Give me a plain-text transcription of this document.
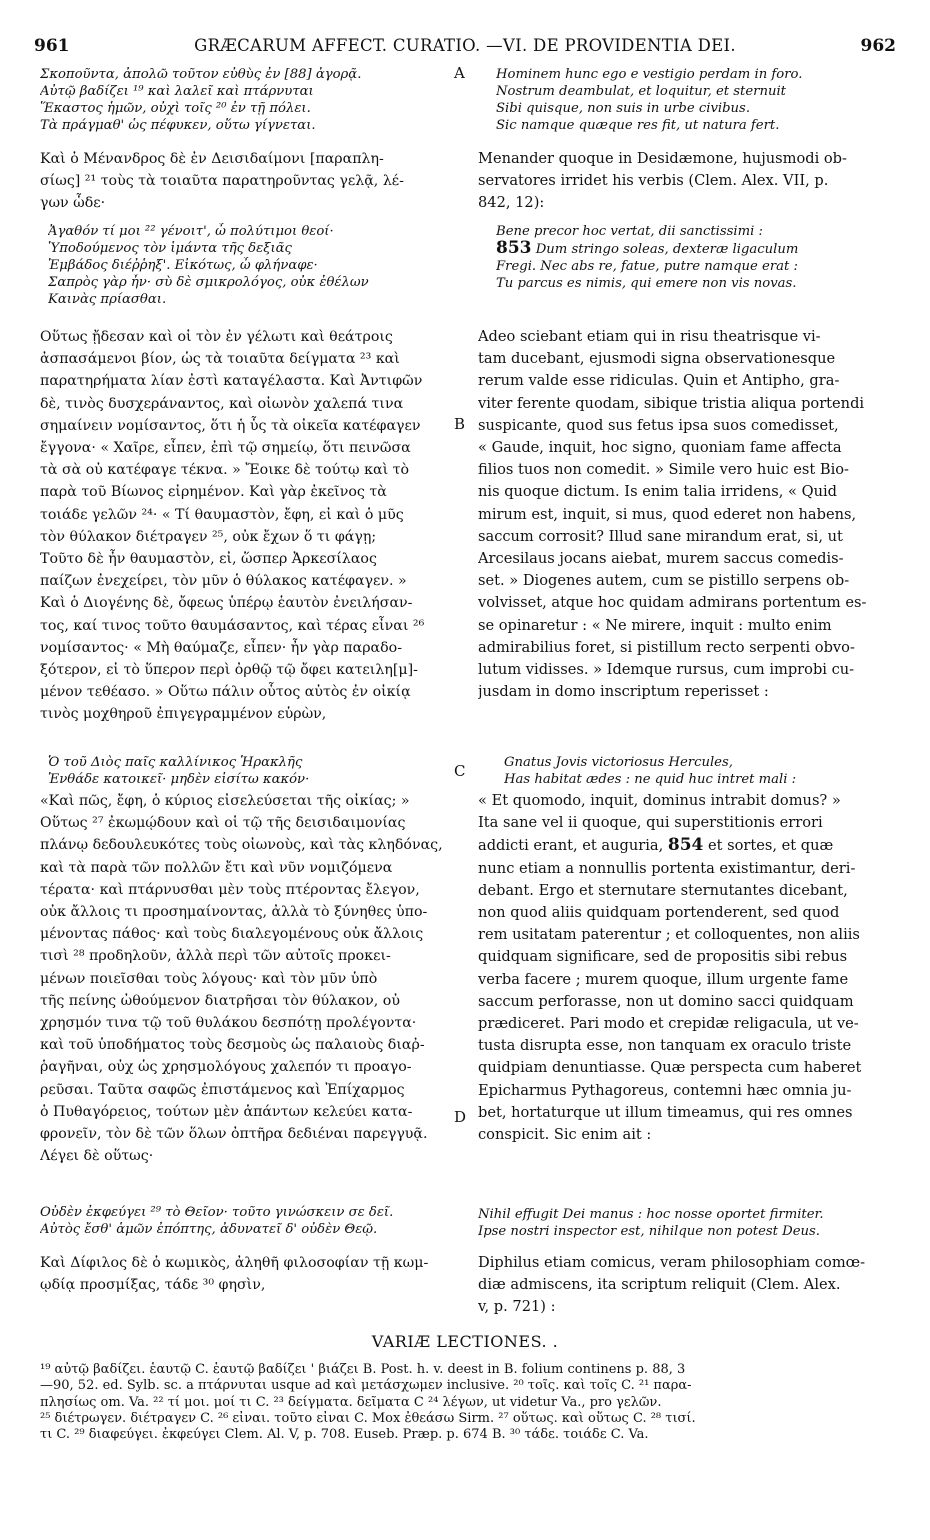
961	GRÆCARUM AFFECT. CURATIO. —VI. DE PROVIDENTIA DEI.	962
A
B
C
D
Σκοποῦντα, ἀπολῶ τοῦτον εὐθὺς ἐν [88] ἀγορᾷ.
Αὐτῷ βαδίζει ¹⁹ καὶ λαλεῖ καὶ πτάρνυται
Ἕκαστος ἡμῶν, οὐχὶ τοῖς ²⁰ ἐν τῇ πόλει.
Τὰ πράγμαθ' ὡς πέφυκεν, οὕτω γίγνεται.
Καὶ ὁ Μένανδρος δὲ ἐν Δεισιδαίμονι [παραπλη-
σίως] ²¹ τοὺς τὰ τοιαῦτα παρατηροῦντας γελᾷ, λέ-
γων ὧδε·
Ἀγαθόν τί μοι ²² γένοιτ', ὦ πολύτιμοι θεοί·
Ὑποδούμενος τὸν ἱμάντα τῆς δεξιᾶς
Ἐμβάδος διέῤῥηξ'. Εἰκότως, ὦ φλήναφε·
Σαπρὸς γὰρ ἦν· σὺ δὲ σμικρολόγος, οὐκ ἐθέλων
Καινὰς πρίασθαι.
Οὕτως ᾔδεσαν καὶ οἱ τὸν ἐν γέλωτι καὶ θεάτροις
ἀσπασάμενοι βίον, ὡς τὰ τοιαῦτα δείγματα ²³ καὶ
παρατηρήματα λίαν ἐστὶ καταγέλαστα. Καὶ Ἀντιφῶν
δὲ, τινὸς δυσχεράναντος, καὶ οἰωνὸν χαλεπά τινα
σημαίνειν νομίσαντος, ὅτι ἡ ὗς τὰ οἰκεῖα κατέφαγεν
ἔγγονα· « Χαῖρε, εἶπεν, ἐπὶ τῷ σημείῳ, ὅτι πεινῶσα
τὰ σὰ οὐ κατέφαγε τέκνα. » Ἔοικε δὲ τούτῳ καὶ τὸ
παρὰ τοῦ Βίωνος εἰρημένον. Καὶ γὰρ ἐκεῖνος τὰ
τοιάδε γελῶν ²⁴· « Τί θαυμαστὸν, ἔφη, εἰ καὶ ὁ μῦς
τὸν θύλακον διέτραγεν ²⁵, οὐκ ἔχων ὅ τι φάγῃ;
Τοῦτο δὲ ἦν θαυμαστὸν, εἰ, ὥσπερ Ἀρκεσίλαος
παίζων ἐνεχείρει, τὸν μῦν ὁ θύλακος κατέφαγεν. »
Καὶ ὁ Διογένης δὲ, ὄφεως ὑπέρῳ ἑαυτὸν ἐνειλήσαν-
τος, καί τινος τοῦτο θαυμάσαντος, καὶ τέρας εἶναι ²⁶
νομίσαντος· « Μὴ θαύμαζε, εἶπεν· ἦν γὰρ παραδο-
ξότερον, εἰ τὸ ὕπερον περὶ ὀρθῷ τῷ ὄφει κατειλη[μ]-
μένον τεθέασο. » Οὕτω πάλιν οὗτος αὐτὸς ἐν οἰκίᾳ
τινὸς μοχθηροῦ ἐπιγεγραμμένον εὑρὼν,
Ὁ τοῦ Διὸς παῖς καλλίνικος Ἡρακλῆς
Ἐνθάδε κατοικεῖ· μηδὲν εἰσίτω κακόν·
«Καὶ πῶς, ἔφη, ὁ κύριος εἰσελεύσεται τῆς οἰκίας; »
Οὕτως ²⁷ ἐκωμῴδουν καὶ οἱ τῷ τῆς δεισιδαιμονίας
πλάνῳ δεδουλευκότες τοὺς οἰωνοὺς, καὶ τὰς κληδόνας,
καὶ τὰ παρὰ τῶν πολλῶν ἔτι καὶ νῦν νομιζόμενα
τέρατα· καὶ πτάρνυσθαι μὲν τοὺς πτέροντας ἔλεγον,
οὐκ ἄλλοις τι προσημαίνοντας, ἀλλὰ τὸ ξύνηθες ὑπο-
μένοντας πάθος· καὶ τοὺς διαλεγομένους οὐκ ἄλλοις
τισὶ ²⁸ προδηλοῦν, ἀλλὰ περὶ τῶν αὐτοῖς προκει-
μένων ποιεῖσθαι τοὺς λόγους· καὶ τὸν μῦν ὑπὸ
τῆς πείνης ὠθούμενον διατρῆσαι τὸν θύλακον, οὐ
χρησμόν τινα τῷ τοῦ θυλάκου δεσπότῃ προλέγοντα·
καὶ τοῦ ὑποδήματος τοὺς δεσμοὺς ὡς παλαιοὺς διαῤ-
ῥαγῆναι, οὐχ ὡς χρησμολόγους χαλεπόν τι προαγο-
ρεῦσαι. Ταῦτα σαφῶς ἐπιστάμενος καὶ Ἐπίχαρμος
ὁ Πυθαγόρειος, τούτων μὲν ἁπάντων κελεύει κατα-
φρονεῖν, τὸν δὲ τῶν ὅλων ὀπτῆρα δεδιέναι παρεγγυᾷ.
Λέγει δὲ οὕτως·
Οὐδὲν ἐκφεύγει ²⁹ τὸ Θεῖον· τοῦτο γινώσκειν σε δεῖ.
Αὐτὸς ἔσθ' ἁμῶν ἐπόπτης, ἀδυνατεῖ δ' οὐδὲν Θεῷ.
Καὶ Δίφιλος δὲ ὁ κωμικὸς, ἀληθῆ φιλοσοφίαν τῇ κωμ-
ῳδίᾳ προσμίξας, τάδε ³⁰ φησὶν,
Hominem hunc ego e vestigio perdam in foro.
Nostrum deambulat, et loquitur, et sternuit
Sibi quisque, non suis in urbe civibus.
Sic namque quæque res fit, ut natura fert.
Menander quoque in Desidæmone, hujusmodi ob-
servatores irridet his verbis (Clem. Alex. VII, p.
842, 12):
Bene precor hoc vertat, dii sanctissimi :
853 Dum stringo soleas, dexteræ ligaculum
Fregi. Nec abs re, fatue, putre namque erat :
Tu parcus es nimis, qui emere non vis novas.
Adeo sciebant etiam qui in risu theatrisque vi-
tam ducebant, ejusmodi signa observationesque
rerum valde esse ridiculas. Quin et Antipho, gra-
viter ferente quodam, sibique tristia aliqua portendi
suspicante, quod sus fetus ipsa suos comedisset,
« Gaude, inquit, hoc signo, quoniam fame affecta
filios tuos non comedit. » Simile vero huic est Bio-
nis quoque dictum. Is enim talia irridens, « Quid
mirum est, inquit, si mus, quod ederet non habens,
saccum corrosit? Illud sane mirandum erat, si, ut
Arcesilaus jocans aiebat, murem saccus comedis-
set. » Diogenes autem, cum se pistillo serpens ob-
volvisset, atque hoc quidam admirans portentum es-
se opinaretur : « Ne mirere, inquit : multo enim
admirabilius foret, si pistillum recto serpenti obvo-
lutum vidisses. » Idemque rursus, cum improbi cu-
jusdam in domo inscriptum reperisset :
Gnatus Jovis victoriosus Hercules,
Has habitat ædes : ne quid huc intret mali :
« Et quomodo, inquit, dominus intrabit domus? »
Ita sane vel ii quoque, qui superstitionis errori
addicti erant, et auguria, 854 et sortes, et quæ
nunc etiam a nonnullis portenta existimantur, deri-
debant. Ergo et sternutare sternutantes dicebant,
non quod aliis quidquam portenderent, sed quod
rem usitatam paterentur ; et colloquentes, non aliis
quidquam significare, sed de propositis sibi rebus
verba facere ; murem quoque, illum urgente fame
saccum perforasse, non ut domino sacci quidquam
prædiceret. Pari modo et crepidæ religacula, ut ve-
tusta disrupta esse, non tanquam ex oraculo triste
quidpiam denuntiasse. Quæ perspecta cum haberet
Epicharmus Pythagoreus, contemni hæc omnia ju-
bet, hortaturque ut illum timeamus, qui res omnes
conspicit. Sic enim ait :
Nihil effugit Dei manus : hoc nosse oportet firmiter.
Ipse nostri inspector est, nihilque non potest Deus.
Diphilus etiam comicus, veram philosophiam comœ-
diæ admiscens, ita scriptum reliquit (Clem. Alex.
v, p. 721) :
VARIÆ LECTIONES. .
¹⁹ αὐτῷ βαδίζει. ἑαυτῷ C. ἑαυτῷ βαδίζει ' βιάζει B. Post. h. v. deest in B. folium continens p. 88, 3
—90, 52. ed. Sylb. sc. a πτάρνυται usque ad καὶ μετάσχωμεν inclusive. ²⁰ τοῖς. καὶ τοῖς C. ²¹ παρα-
πλησίως om. Va. ²² τί μοι. μοί τι C. ²³ δείγματα. δεῖματα C ²⁴ λέγων, ut videtur Va., pro γελῶν.
²⁵ διέτρωγεν. διέτραγεν C. ²⁶ εἶναι. τοῦτο εἶναι C. Mox ἐθεάσω Sirm. ²⁷ οὕτως. καὶ οὕτως C. ²⁸ τισί.
τι C. ²⁹ διαφεύγει. ἐκφεύγει Clem. Al. V, p. 708. Euseb. Præp. p. 674 B. ³⁰ τάδε. τοιάδε C. Va.
